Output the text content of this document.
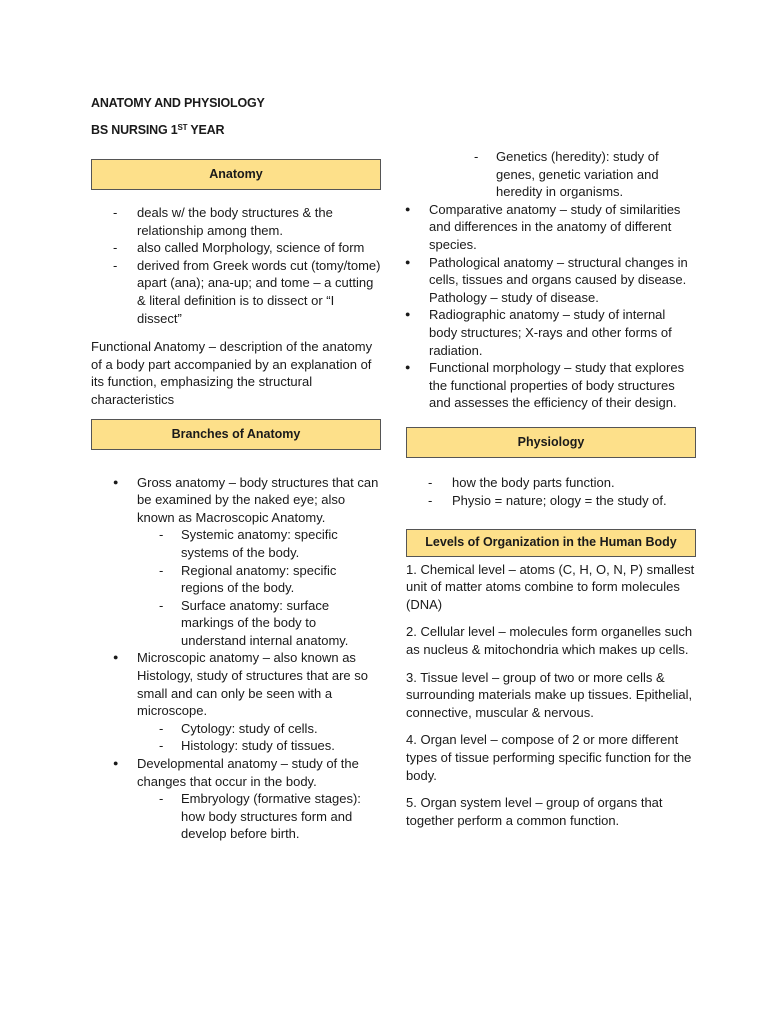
ANATOMY AND PHYSIOLOGY
BS NURSING 1ST YEAR
Anatomy
- deals w/ the body structures & the relationship among them.
- also called Morphology, science of form
- derived from Greek words cut (tomy/tome) apart (ana); ana-up; and tome – a cutting & literal definition is to dissect or “I dissect”

Functional Anatomy – description of the anatomy of a body part accompanied by an explanation of its function, emphasizing the structural characteristics

Branches of Anatomy
● Gross anatomy – body structures that can be examined by the naked eye; also known as Macroscopic Anatomy.
- Systemic anatomy: specific systems of the body.
- Regional anatomy: specific regions of the body.
- Surface anatomy: surface markings of the body to understand internal anatomy.
● Microscopic anatomy – also known as Histology, study of structures that are so small and can only be seen with a microscope.
- Cytology: study of cells.
- Histology: study of tissues.
● Developmental anatomy – study of the changes that occur in the body.
- Embryology (formative stages): how body structures form and develop before birth.
- Genetics (heredity): study of genes, genetic variation and heredity in organisms.
● Comparative anatomy – study of similarities and differences in the anatomy of different species.
● Pathological anatomy – structural changes in cells, tissues and organs caused by disease. Pathology – study of disease.
● Radiographic anatomy – study of internal body structures; X-rays and other forms of radiation.
● Functional morphology – study that explores the functional properties of body structures and assesses the efficiency of their design.
Physiology
- how the body parts function.
- Physio = nature; ology = the study of.
Levels of Organization in the Human Body

1. Chemical level – atoms (C, H, O, N, P) smallest unit of matter atoms combine to form molecules (DNA)

2. Cellular level – molecules form organelles such as nucleus & mitochondria which makes up cells.

3. Tissue level – group of two or more cells & surrounding materials make up tissues. Epithelial, connective, muscular & nervous.

4. Organ level – compose of 2 or more different types of tissue performing specific function for the body.

5. Organ system level – group of organs that together perform a common function.
